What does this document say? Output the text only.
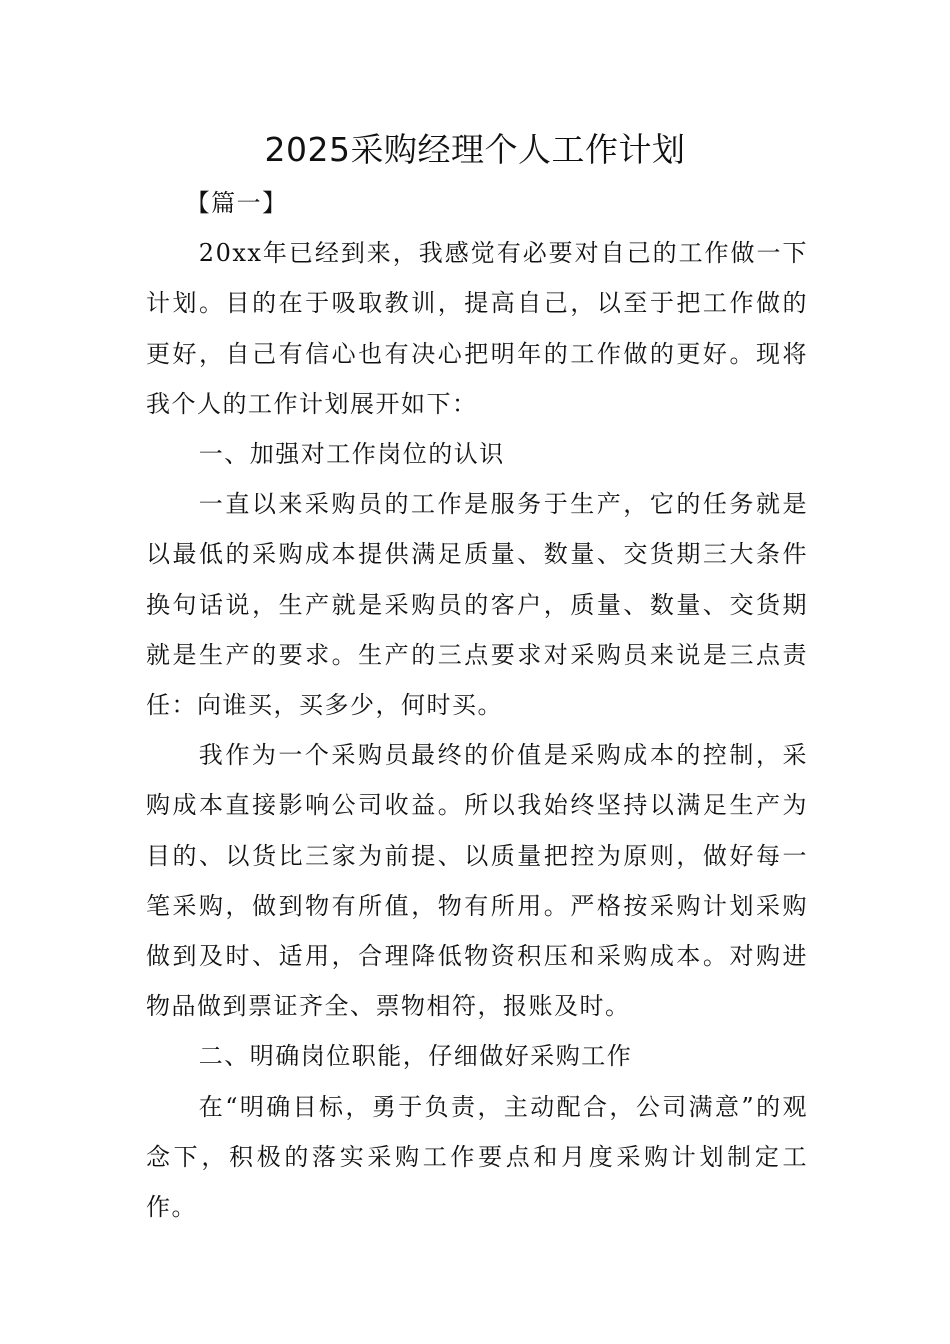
2025采购经理个人工作计划

【篇一】

20xx年已经到来，我感觉有必要对自己的工作做一下计划。目的在于吸取教训，提高自己，以至于把工作做的更好，自己有信心也有决心把明年的工作做的更好。现将我个人的工作计划展开如下：

一、加强对工作岗位的认识

一直以来采购员的工作是服务于生产，它的任务就是以最低的采购成本提供满足质量、数量、交货期三大条件换句话说，生产就是采购员的客户，质量、数量、交货期就是生产的要求。生产的三点要求对采购员来说是三点责任：向谁买，买多少，何时买。

我作为一个采购员最终的价值是采购成本的控制，采购成本直接影响公司收益。所以我始终坚持以满足生产为目的、以货比三家为前提、以质量把控为原则，做好每一笔采购，做到物有所值，物有所用。严格按采购计划采购做到及时、适用，合理降低物资积压和采购成本。对购进物品做到票证齐全、票物相符，报账及时。

二、明确岗位职能，仔细做好采购工作

在“明确目标，勇于负责，主动配合，公司满意”的观念下，积极的落实采购工作要点和月度采购计划制定工作。
